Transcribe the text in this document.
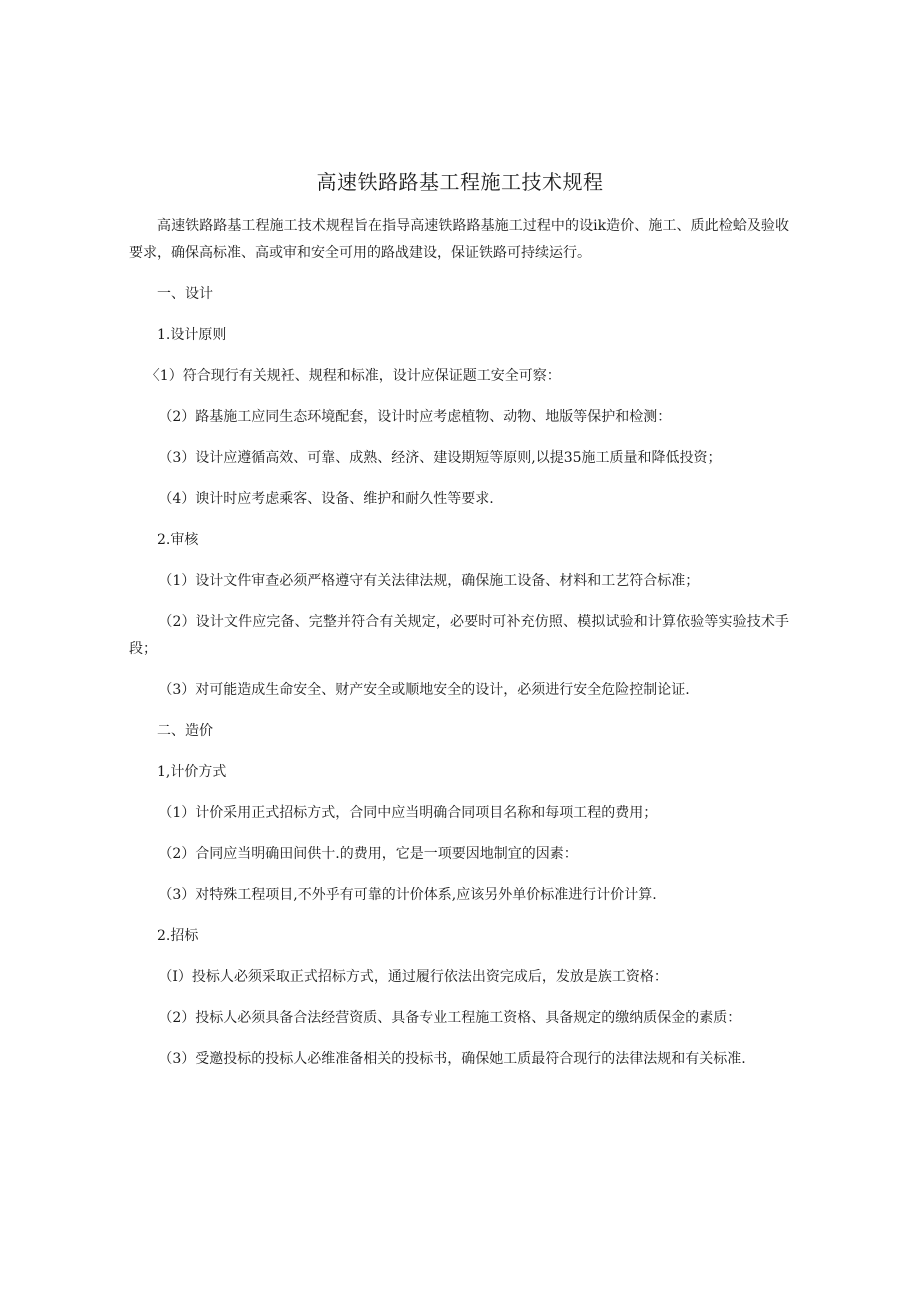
高速铁路路基工程施工技术规程

高速铁路路基工程施工技术规程旨在指导高速铁路路基施工过程中的设ik造价、施工、质此检蛤及验收要求，确保高标准、高或审和安全可用的路战建设，保证铁路可持续运行。

一、设计

1.设计原则

〈1）符合现行有关规衽、规程和标准，设计应保证题工安全可察：

（2）路基施工应同生态环境配套，设计时应考虑植物、动物、地版等保护和检测：

（3）设计应遵循高效、可靠、成熟、经济、建设期短等原则,以提35施工质量和降低投资；

（4）谀计时应考虑乘客、设备、维护和耐久性等要求.

2.审核

（1）设计文件审查必须严格遵守有关法律法规，确保施工设备、材料和工艺符合标准；

（2）设计文件应完备、完整并符合有关规定，必要时可补充仿照、模拟试验和计算依验等实验技术手段；

（3）对可能造成生命安全、财产安全或顺地安全的设计，必须进行安全危险控制论证.

二、造价

1,计价方式

（1）计价采用正式招标方式，合同中应当明确合同项目名称和每项工程的费用；

（2）合同应当明确田间供十.的费用，它是一项要因地制宜的因素：

（3）对特殊工程项目,不外乎有可靠的计价体系,应该另外单价标准进行计价计算.

2.招标

（I）投标人必须采取正式招标方式，通过履行依法出资完成后，发放是族工资格：

（2）投标人必须具备合法经营资质、具备专业工程施工资格、具备规定的缴纳质保金的素质：

（3）受邀投标的投标人必维准备相关的投标书，确保她工质最符合现行的法律法规和有关标准.
